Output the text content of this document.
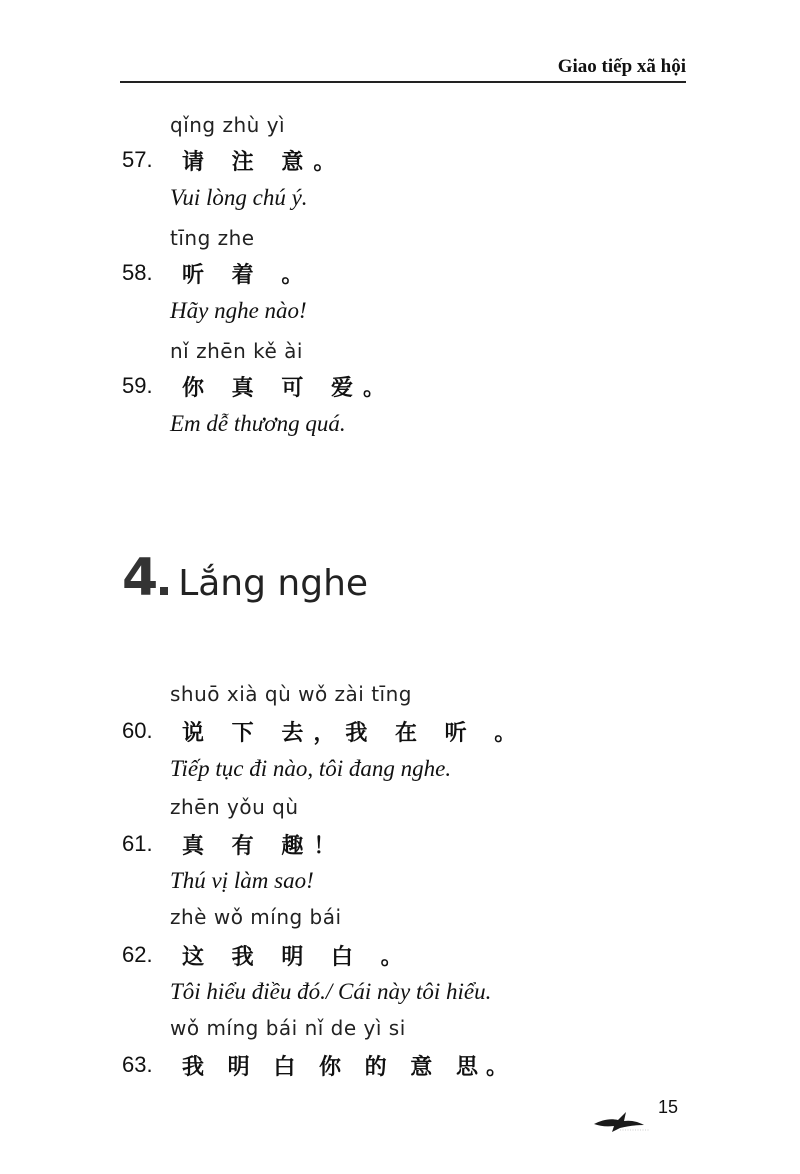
Giao tiếp xã hội
qǐng zhù yì
57. 请 注 意。
Vui lòng chú ý.
tīng zhe
58. 听 着 。
Hãy nghe nào!
nǐ zhēn kě ài
59. 你 真 可 爱。
Em dễ thương quá.
4 Lắng nghe
shuō xià qù wǒ zài tīng
60. 说 下 去，我 在 听 。
Tiếp tục đi nào, tôi đang nghe.
zhēn yǒu qù
61. 真 有 趣！
Thú vị làm sao!
zhè wǒ míng bái
62. 这 我 明 白 。
Tôi hiểu điều đó./ Cái này tôi hiểu.
wǒ míng bái nǐ de yì si
63. 我 明 白 你 的 意 思。
15
